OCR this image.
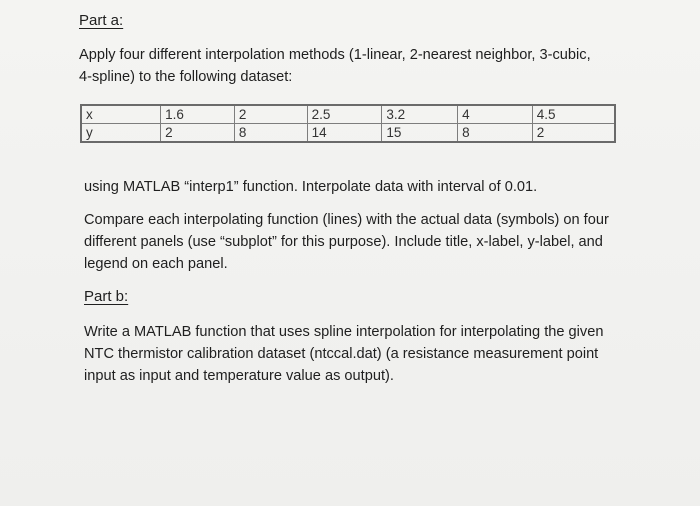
Part a:
Apply four different interpolation methods (1-linear, 2-nearest neighbor, 3-cubic,
4-spline) to the following dataset:
x	1.6	2	2.5	3.2	4	4.5
y	2	8	14	15	8	2
using MATLAB “interp1” function. Interpolate data with interval of 0.01.
Compare each interpolating function (lines) with the actual data (symbols) on four
different panels (use “subplot” for this purpose). Include title, x-label, y-label, and
legend on each panel.
Part b:
Write a MATLAB function that uses spline interpolation for interpolating the given
NTC thermistor calibration dataset (ntccal.dat) (a resistance measurement point
input as input and temperature value as output).
